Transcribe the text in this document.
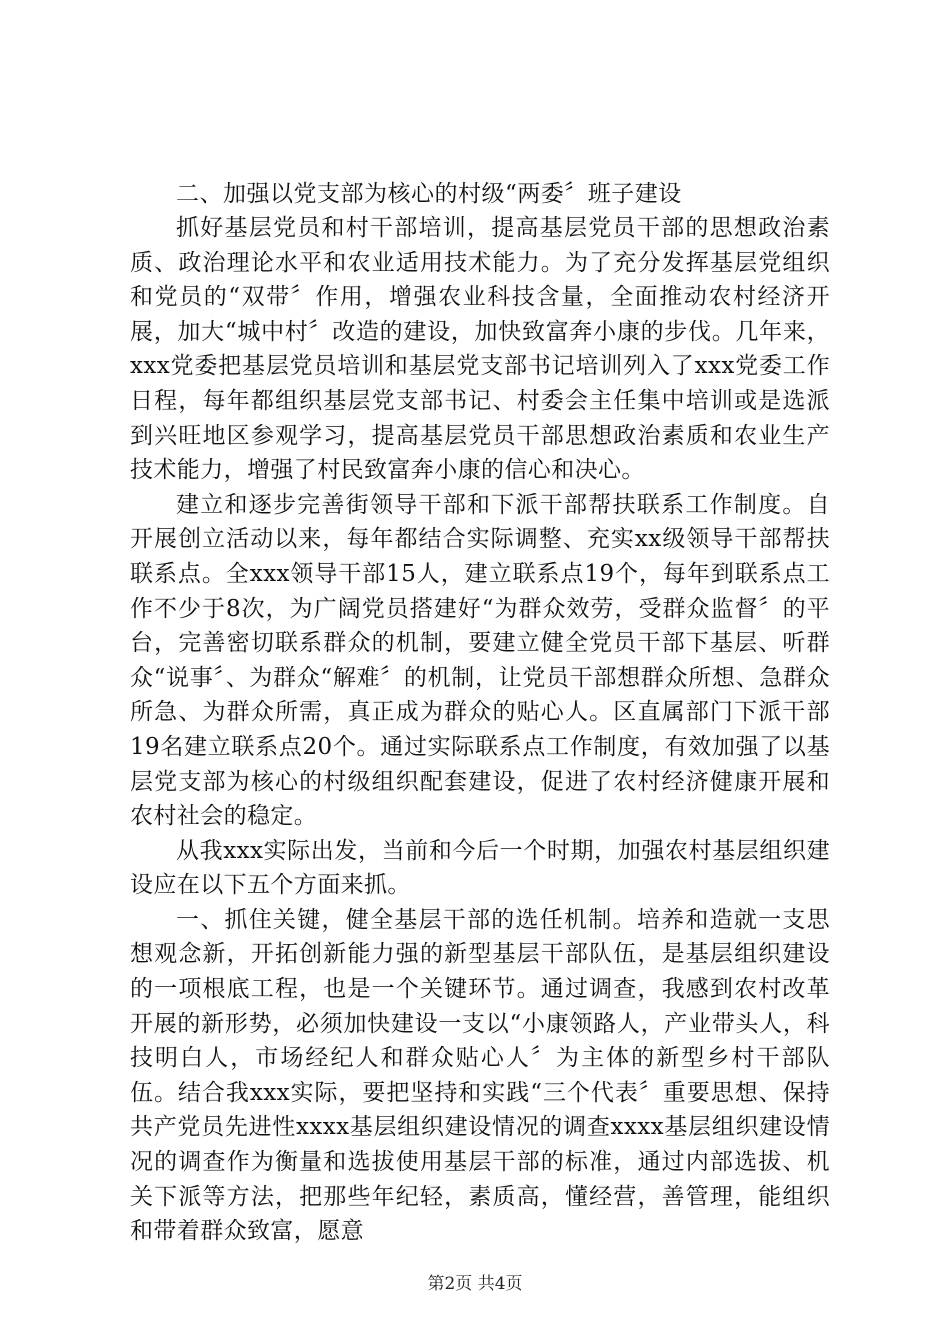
二、加强以党支部为核心的村级“两委〞班子建设

抓好基层党员和村干部培训，提高基层党员干部的思想政治素质、政治理论水平和农业适用技术能力。为了充分发挥基层党组织和党员的“双带〞作用，增强农业科技含量，全面推动农村经济开展，加大“城中村〞改造的建设，加快致富奔小康的步伐。几年来，xxx党委把基层党员培训和基层党支部书记培训列入了xxx党委工作日程，每年都组织基层党支部书记、村委会主任集中培训或是选派到兴旺地区参观学习，提高基层党员干部思想政治素质和农业生产技术能力，增强了村民致富奔小康的信心和决心。

建立和逐步完善街领导干部和下派干部帮扶联系工作制度。自开展创立活动以来，每年都结合实际调整、充实xx级领导干部帮扶联系点。全xxx领导干部15人，建立联系点19个，每年到联系点工作不少于8次，为广阔党员搭建好“为群众效劳，受群众监督〞的平台，完善密切联系群众的机制，要建立健全党员干部下基层、听群众“说事〞、为群众“解难〞的机制，让党员干部想群众所想、急群众所急、为群众所需，真正成为群众的贴心人。区直属部门下派干部19名建立联系点20个。通过实际联系点工作制度，有效加强了以基层党支部为核心的村级组织配套建设，促进了农村经济健康开展和农村社会的稳定。

从我xxx实际出发，当前和今后一个时期，加强农村基层组织建设应在以下五个方面来抓。

一、抓住关键，健全基层干部的选任机制。培养和造就一支思想观念新，开拓创新能力强的新型基层干部队伍，是基层组织建设的一项根底工程，也是一个关键环节。通过调查，我感到农村改革开展的新形势，必须加快建设一支以“小康领路人，产业带头人，科技明白人，市场经纪人和群众贴心人〞为主体的新型乡村干部队伍。结合我xxx实际，要把坚持和实践“三个代表〞重要思想、保持共产党员先进性xxxx基层组织建设情况的调查xxxx基层组织建设情况的调查作为衡量和选拔使用基层干部的标准，通过内部选拔、机关下派等方法，把那些年纪轻，素质高，懂经营，善管理，能组织和带着群众致富，愿意

第2页 共4页
